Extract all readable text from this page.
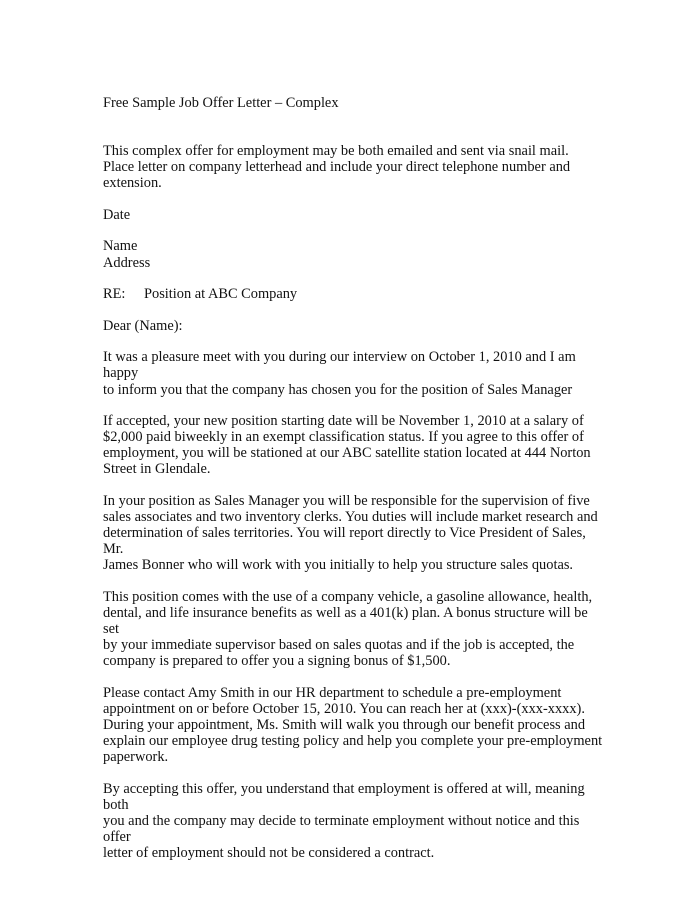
Free Sample Job Offer Letter – Complex

This complex offer for employment may be both emailed and sent via snail mail.
Place letter on company letterhead and include your direct telephone number and
extension.

Date

Name

Address

RE:	Position at ABC Company

Dear (Name):

It was a pleasure meet with you during our interview on October 1, 2010 and I am happy
to inform you that the company has chosen you for the position of Sales Manager

If accepted, your new position starting date will be November 1, 2010 at a salary of
$2,000 paid biweekly in an exempt classification status. If you agree to this offer of
employment, you will be stationed at our ABC satellite station located at 444 Norton
Street in Glendale.

In your position as Sales Manager you will be responsible for the supervision of five
sales associates and two inventory clerks. You duties will include market research and
determination of sales territories. You will report directly to Vice President of Sales, Mr.
James Bonner who will work with you initially to help you structure sales quotas.

This position comes with the use of a company vehicle, a gasoline allowance, health,
dental, and life insurance benefits as well as a 401(k) plan. A bonus structure will be set
by your immediate supervisor based on sales quotas and if the job is accepted, the
company is prepared to offer you a signing bonus of $1,500.

Please contact Amy Smith in our HR department to schedule a pre-employment
appointment on or before October 15, 2010. You can reach her at (xxx)-(xxx-xxxx).
During your appointment, Ms. Smith will walk you through our benefit process and
explain our employee drug testing policy and help you complete your pre-employment
paperwork.

By accepting this offer, you understand that employment is offered at will, meaning both
you and the company may decide to terminate employment without notice and this offer
letter of employment should not be considered a contract.
